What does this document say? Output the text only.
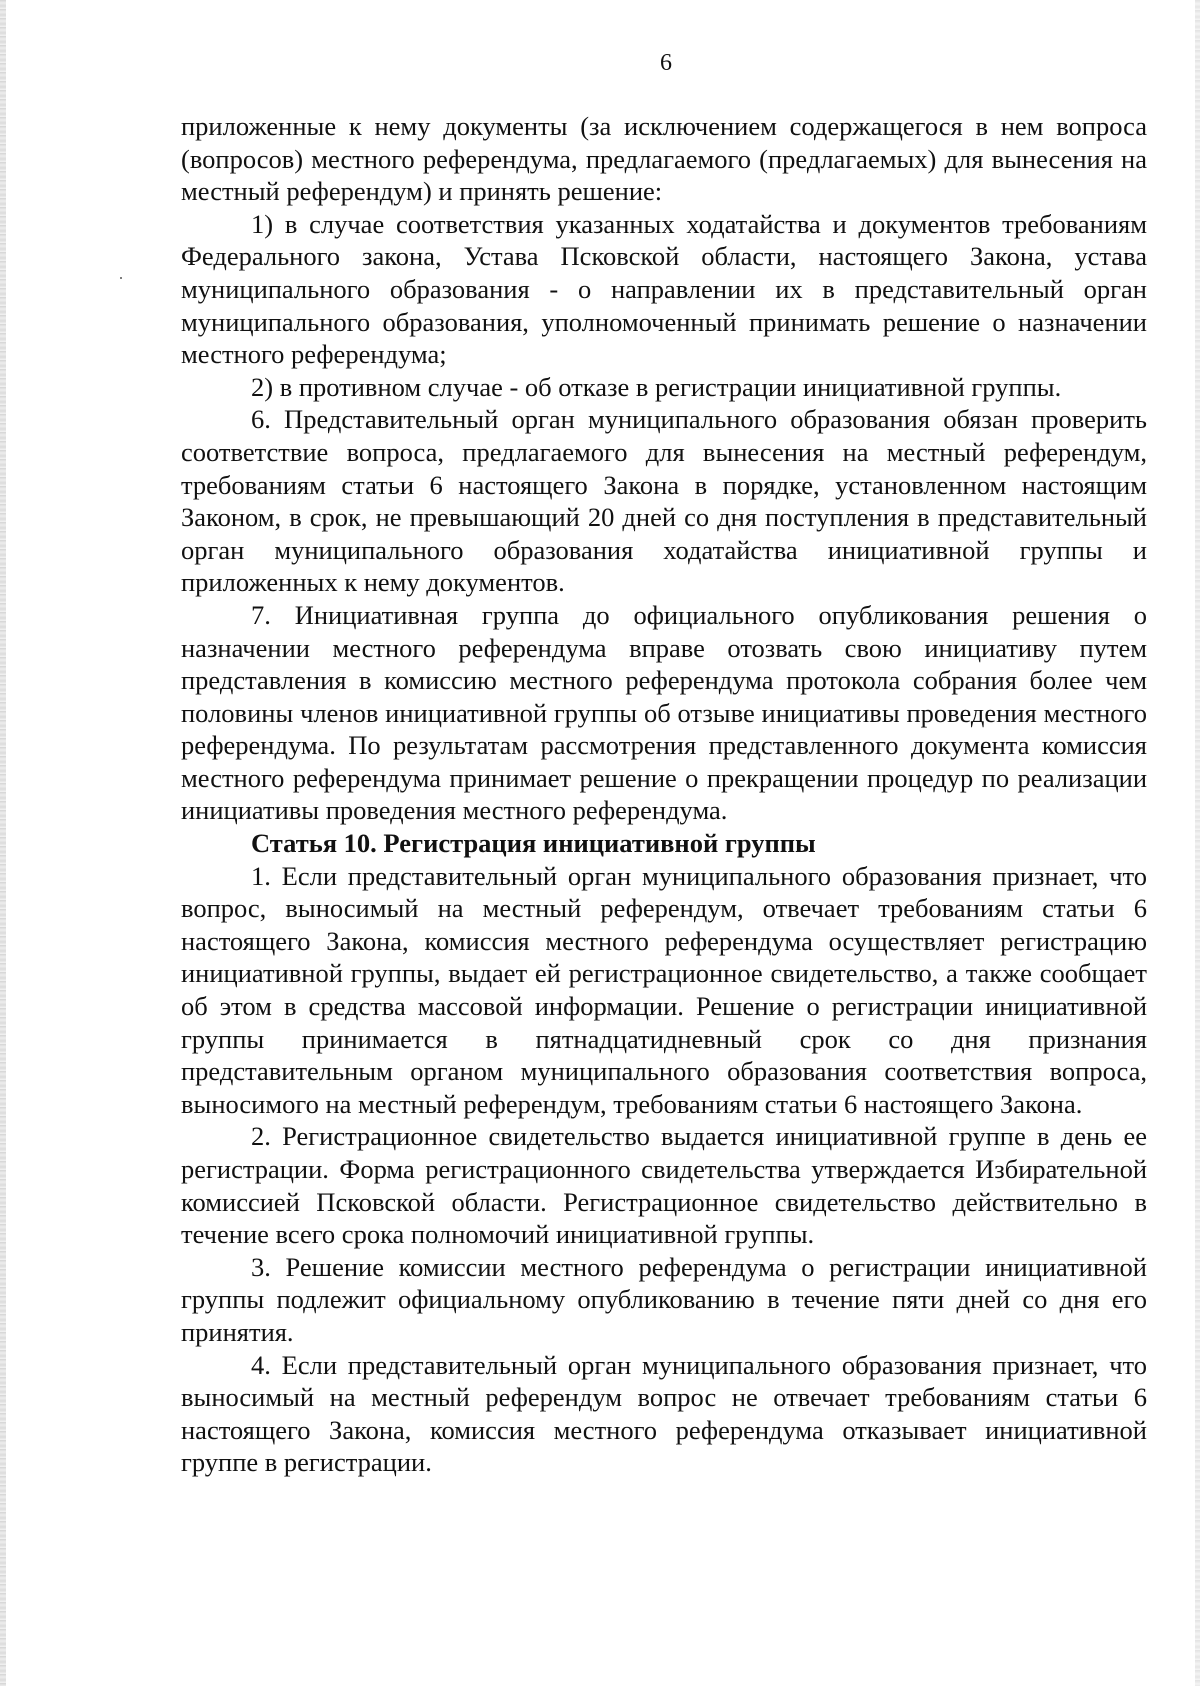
6

приложенные к нему документы (за исключением содержащегося в нем вопроса (вопросов) местного референдума, предлагаемого (предлагаемых) для вынесения на местный референдум) и принять решение:

1) в случае соответствия указанных ходатайства и документов требованиям Федерального закона, Устава Псковской области, настоящего Закона, устава муниципального образования - о направлении их в представительный орган муниципального образования, уполномоченный принимать решение о назначении местного референдума;

2) в противном случае - об отказе в регистрации инициативной группы.

6. Представительный орган муниципального образования обязан проверить соответствие вопроса, предлагаемого для вынесения на местный референдум, требованиям статьи 6 настоящего Закона в порядке, установленном настоящим Законом, в срок, не превышающий 20 дней со дня поступления в представительный орган муниципального образования ходатайства инициативной группы и приложенных к нему документов.

7. Инициативная группа до официального опубликования решения о назначении местного референдума вправе отозвать свою инициативу путем представления в комиссию местного референдума протокола собрания более чем половины членов инициативной группы об отзыве инициативы проведения местного референдума. По результатам рассмотрения представленного документа комиссия местного референдума принимает решение о прекращении процедур по реализации инициативы проведения местного референдума.

Статья 10. Регистрация инициативной группы

1. Если представительный орган муниципального образования признает, что вопрос, выносимый на местный референдум, отвечает требованиям статьи 6 настоящего Закона, комиссия местного референдума осуществляет регистрацию инициативной группы, выдает ей регистрационное свидетельство, а также сообщает об этом в средства массовой информации. Решение о регистрации инициативной группы принимается в пятнадцатидневный срок со дня признания представительным органом муниципального образования соответствия вопроса, выносимого на местный референдум, требованиям статьи 6 настоящего Закона.

2. Регистрационное свидетельство выдается инициативной группе в день ее регистрации. Форма регистрационного свидетельства утверждается Избирательной комиссией Псковской области. Регистрационное свидетельство действительно в течение всего срока полномочий инициативной группы.

3. Решение комиссии местного референдума о регистрации инициативной группы подлежит официальному опубликованию в течение пяти дней со дня его принятия.

4. Если представительный орган муниципального образования признает, что выносимый на местный референдум вопрос не отвечает требованиям статьи 6 настоящего Закона, комиссия местного референдума отказывает инициативной группе в регистрации.
